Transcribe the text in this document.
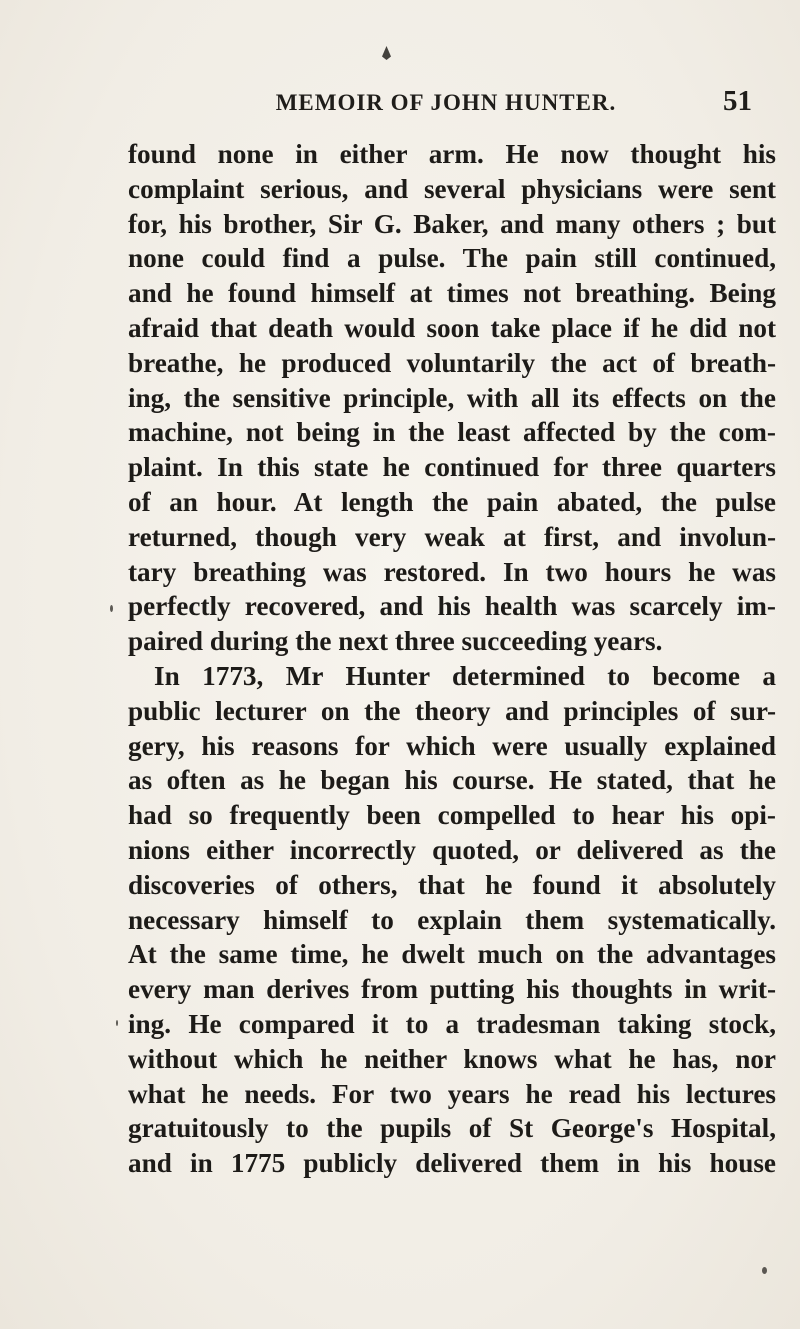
MEMOIR OF JOHN HUNTER.	51
found none in either arm. He now thought his
complaint serious, and several physicians were sent
for, his brother, Sir G. Baker, and many others ; but
none could find a pulse. The pain still continued,
and he found himself at times not breathing. Being
afraid that death would soon take place if he did not
breathe, he produced voluntarily the act of breath-
ing, the sensitive principle, with all its effects on the
machine, not being in the least affected by the com-
plaint. In this state he continued for three quarters
of an hour. At length the pain abated, the pulse
returned, though very weak at first, and involun-
tary breathing was restored. In two hours he was
perfectly recovered, and his health was scarcely im-
paired during the next three succeeding years.
In 1773, Mr Hunter determined to become a
public lecturer on the theory and principles of sur-
gery, his reasons for which were usually explained
as often as he began his course. He stated, that he
had so frequently been compelled to hear his opi-
nions either incorrectly quoted, or delivered as the
discoveries of others, that he found it absolutely
necessary himself to explain them systematically.
At the same time, he dwelt much on the advantages
every man derives from putting his thoughts in writ-
ing. He compared it to a tradesman taking stock,
without which he neither knows what he has, nor
what he needs. For two years he read his lectures
gratuitously to the pupils of St George's Hospital,
and in 1775 publicly delivered them in his house
